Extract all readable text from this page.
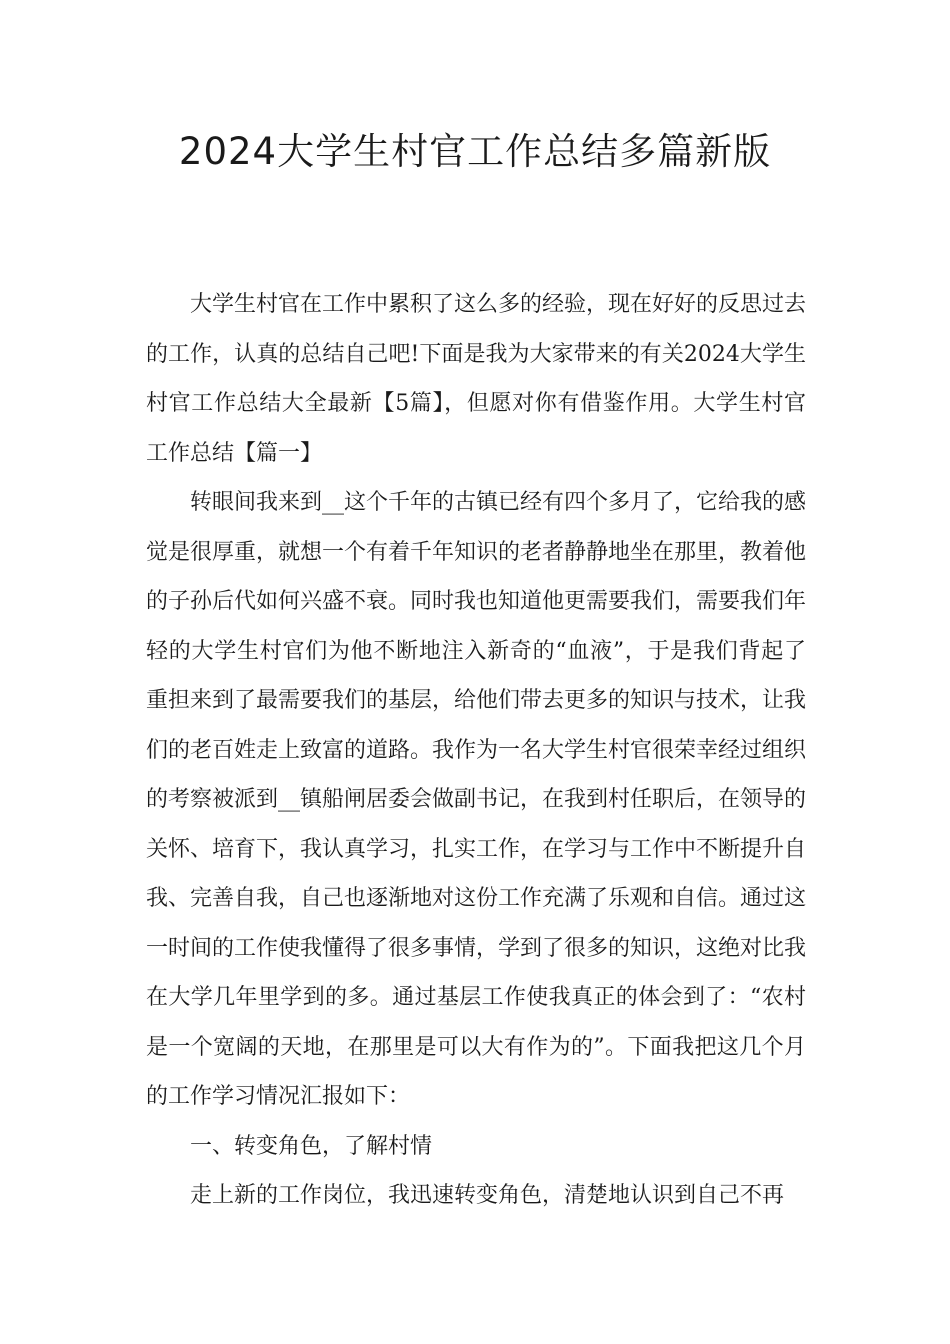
2024大学生村官工作总结多篇新版

大学生村官在工作中累积了这么多的经验，现在好好的反思过去的工作，认真的总结自己吧!下面是我为大家带来的有关2024大学生村官工作总结大全最新【5篇】，但愿对你有借鉴作用。大学生村官工作总结【篇一】

转眼间我来到__这个千年的古镇已经有四个多月了，它给我的感觉是很厚重，就想一个有着千年知识的老者静静地坐在那里，教着他的子孙后代如何兴盛不衰。同时我也知道他更需要我们，需要我们年轻的大学生村官们为他不断地注入新奇的“血液”，于是我们背起了重担来到了最需要我们的基层，给他们带去更多的知识与技术，让我们的老百姓走上致富的道路。我作为一名大学生村官很荣幸经过组织的考察被派到__镇船闸居委会做副书记，在我到村任职后，在领导的关怀、培育下，我认真学习，扎实工作，在学习与工作中不断提升自我、完善自我，自己也逐渐地对这份工作充满了乐观和自信。通过这一时间的工作使我懂得了很多事情，学到了很多的知识，这绝对比我在大学几年里学到的多。通过基层工作使我真正的体会到了：“农村是一个宽阔的天地，在那里是可以大有作为的”。下面我把这几个月的工作学习情况汇报如下：

一、转变角色，了解村情

走上新的工作岗位，我迅速转变角色，清楚地认识到自己不再
